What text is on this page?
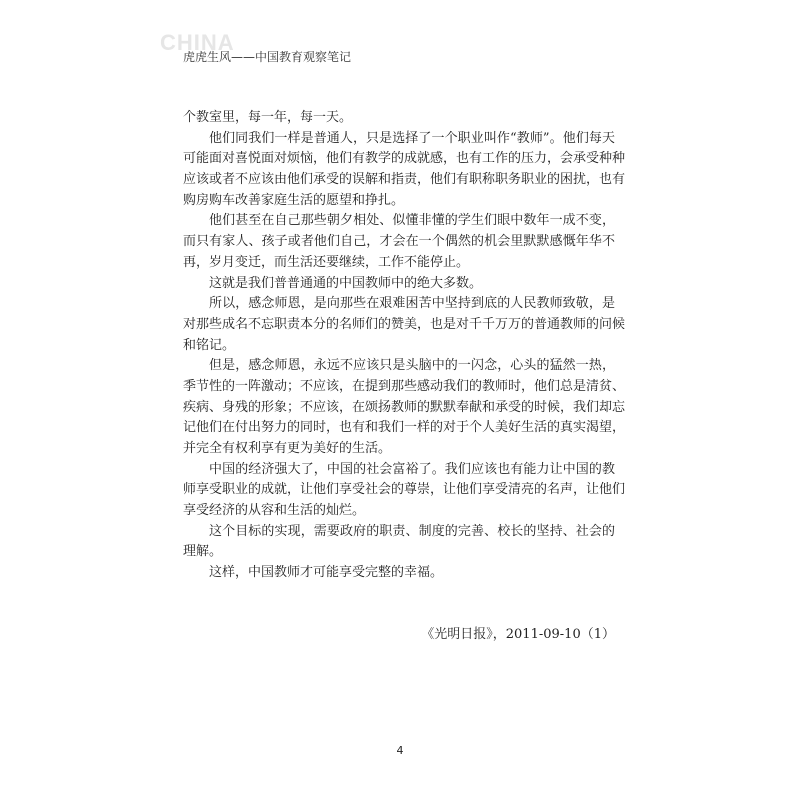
CHINA
虎虎生风——中国教育观察笔记
个教室里，每一年，每一天。
他们同我们一样是普通人，只是选择了一个职业叫作“教师”。他们每天
可能面对喜悦面对烦恼，他们有教学的成就感，也有工作的压力，会承受种种
应该或者不应该由他们承受的误解和指责，他们有职称职务职业的困扰，也有
购房购车改善家庭生活的愿望和挣扎。
他们甚至在自己那些朝夕相处、似懂非懂的学生们眼中数年一成不变，
而只有家人、孩子或者他们自己，才会在一个偶然的机会里默默感慨年华不
再，岁月变迁，而生活还要继续，工作不能停止。
这就是我们普普通通的中国教师中的绝大多数。
所以，感念师恩，是向那些在艰难困苦中坚持到底的人民教师致敬，是
对那些成名不忘职责本分的名师们的赞美，也是对千千万万的普通教师的问候
和铭记。
但是，感念师恩，永远不应该只是头脑中的一闪念，心头的猛然一热，
季节性的一阵激动；不应该，在提到那些感动我们的教师时，他们总是清贫、
疾病、身残的形象；不应该，在颂扬教师的默默奉献和承受的时候，我们却忘
记他们在付出努力的同时，也有和我们一样的对于个人美好生活的真实渴望，
并完全有权利享有更为美好的生活。
中国的经济强大了，中国的社会富裕了。我们应该也有能力让中国的教
师享受职业的成就，让他们享受社会的尊崇，让他们享受清亮的名声，让他们
享受经济的从容和生活的灿烂。
这个目标的实现，需要政府的职责、制度的完善、校长的坚持、社会的
理解。
这样，中国教师才可能享受完整的幸福。
《光明日报》，2011-09-10（1）
4
